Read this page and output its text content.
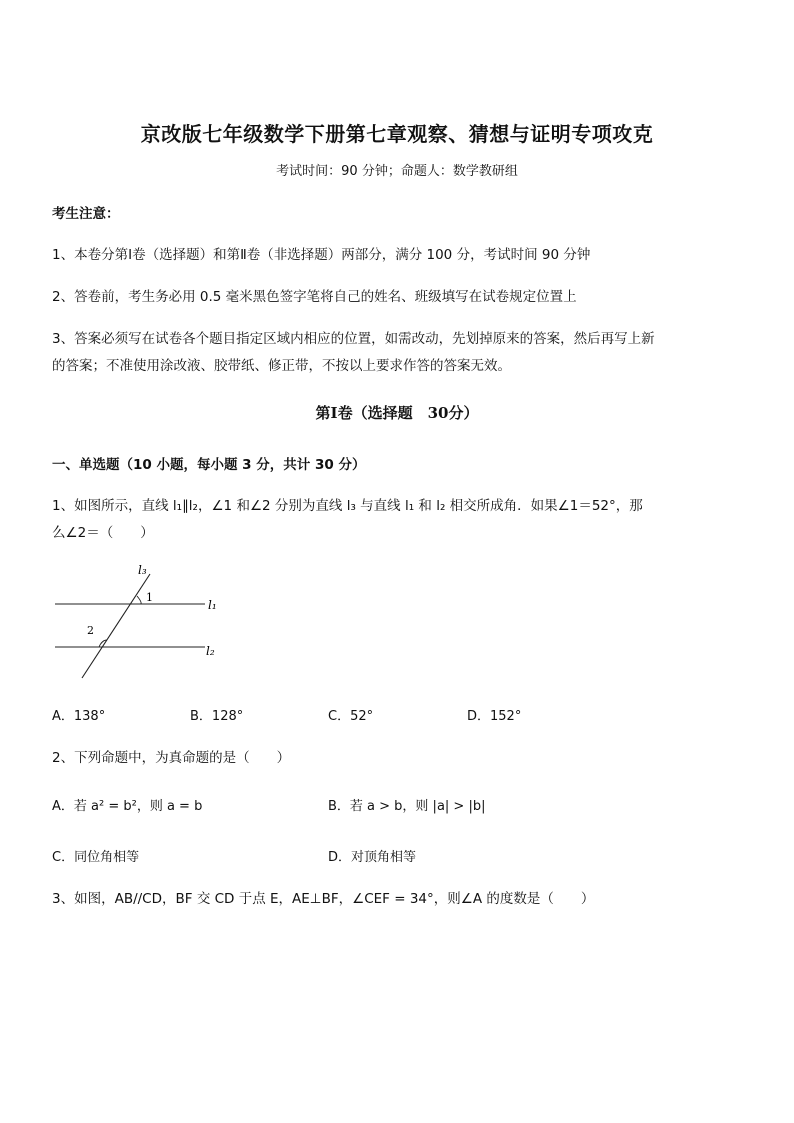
京改版七年级数学下册第七章观察、猜想与证明专项攻克
考试时间：90 分钟；命题人：数学教研组
考生注意：
1、本卷分第Ⅰ卷（选择题）和第Ⅱ卷（非选择题）两部分，满分 100 分，考试时间 90 分钟
2、答卷前，考生务必用 0.5 毫米黑色签字笔将自己的姓名、班级填写在试卷规定位置上
3、答案必须写在试卷各个题目指定区域内相应的位置，如需改动，先划掉原来的答案，然后再写上新
的答案；不准使用涂改液、胶带纸、修正带，不按以上要求作答的答案无效。
第Ⅰ卷（选择题　30分）
一、单选题（10 小题，每小题 3 分，共计 30 分）
1、如图所示，直线 l₁∥l₂，∠1 和∠2 分别为直线 l₃ 与直线 l₁ 和 l₂ 相交所成角．如果∠1＝52°，那
么∠2＝（　　）
l₃
1
l₁
2
l₂
A．138°	B．128°	C．52°	D．152°
2、下列命题中，为真命题的是（　　）
A．若 a² = b²，则 a = b	B．若 a > b，则 |a| > |b|
C．同位角相等	D．对顶角相等
3、如图，AB//CD，BF 交 CD 于点 E，AE⊥BF，∠CEF = 34°，则∠A 的度数是（　　）
